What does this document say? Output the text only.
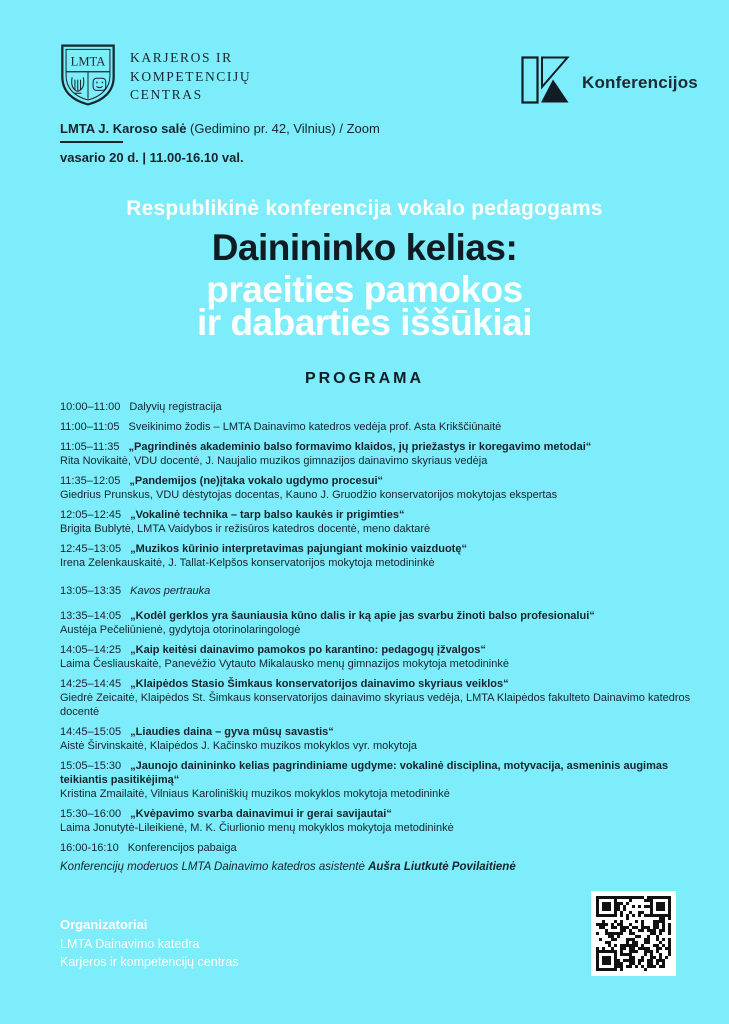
LMTA KARJEROS IR
KOMPETENCIJŲ
CENTRAS
Konferencijos
LMTA J. Karoso salė (Gedimino pr. 42, Vilnius) / Zoom
vasario 20 d. | 11.00-16.10 val.
Respublikinė konferencija vokalo pedagogams
Dainininko kelias:
praeities pamokos
ir dabarties iššūkiai
PROGRAMA
10:00–11:00 Dalyvių registracija
11:00–11:05 Sveikinimo žodis – LMTA Dainavimo katedros vedėja prof. Asta Krikščiūnaitė
11:05–11:35 „Pagrindinės akademinio balso formavimo klaidos, jų priežastys ir koregavimo metodai“
Rita Novikaitė, VDU docentė, J. Naujalio muzikos gimnazijos dainavimo skyriaus vedėja
11:35–12:05 „Pandemijos (ne)įtaka vokalo ugdymo procesui“
Giedrius Prunskus, VDU dėstytojas docentas, Kauno J. Gruodžio konservatorijos mokytojas ekspertas
12:05–12:45 „Vokalinė technika – tarp balso kaukės ir prigimties“
Brigita Bublytė, LMTA Vaidybos ir režisūros katedros docentė, meno daktarė
12:45–13:05 „Muzikos kūrinio interpretavimas pajungiant mokinio vaizduotę“
Irena Zelenkauskaitė, J. Tallat-Kelpšos konservatorijos mokytoja metodininkė
13:05–13:35 Kavos pertrauka
13:35–14:05 „Kodėl gerklos yra šauniausia kūno dalis ir ką apie jas svarbu žinoti balso profesionalui“
Austėja Pečeliūnienė, gydytoja otorinolaringologė
14:05–14:25 „Kaip keitėsi dainavimo pamokos po karantino: pedagogų įžvalgos“
Laima Česliauskaitė, Panevėžio Vytauto Mikalausko menų gimnazijos mokytoja metodininkė
14:25–14:45 „Klaipėdos Stasio Šimkaus konservatorijos dainavimo skyriaus veiklos“
Giedrė Zeicaitė, Klaipėdos St. Šimkaus konservatorijos dainavimo skyriaus vedėja, LMTA Klaipėdos fakulteto Dainavimo katedros docentė
14:45–15:05 „Liaudies daina – gyva mūsų savastis“
Aistė Širvinskaitė, Klaipėdos J. Kačinsko muzikos mokyklos vyr. mokytoja
15:05–15:30 „Jaunojo dainininko kelias pagrindiniame ugdyme: vokalinė disciplina, motyvacija, asmeninis augimas teikiantis pasitikėjimą“
Kristina Zmailaitė, Vilniaus Karoliniškių muzikos mokyklos mokytoja metodininkė
15:30–16:00 „Kvėpavimo svarba dainavimui ir gerai savijautai“
Laima Jonutytė-Lileikienė, M. K. Čiurlionio menų mokyklos mokytoja metodininkė
16:00-16:10 Konferencijos pabaiga
Konferencijų moderuos LMTA Dainavimo katedros asistentė Aušra Liutkutė Povilaitienė
Organizatoriai
LMTA Dainavimo katedra
Karjeros ir kompetencijų centras
